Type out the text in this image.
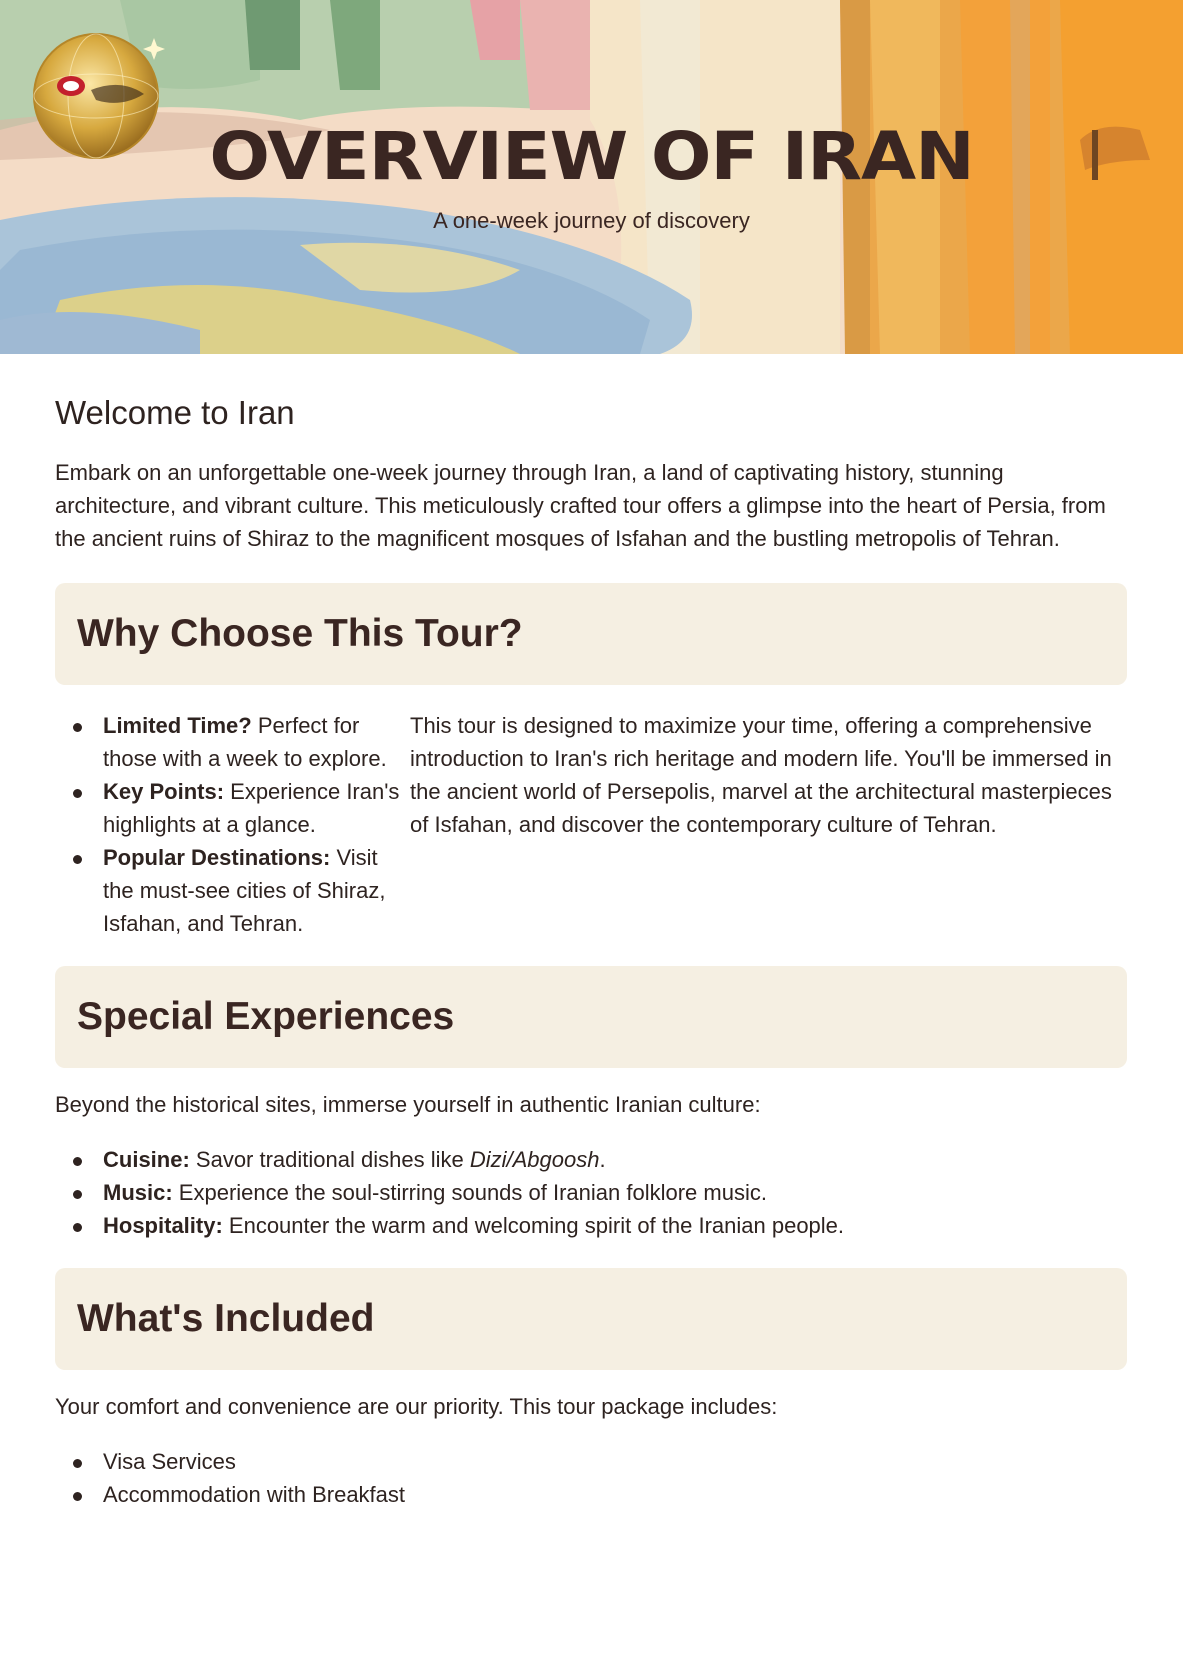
OVERVIEW OF IRAN

A one-week journey of discovery

Welcome to Iran

Embark on an unforgettable one-week journey through Iran, a land of captivating history, stunning architecture, and vibrant culture. This meticulously crafted tour offers a glimpse into the heart of Persia, from the ancient ruins of Shiraz to the magnificent mosques of Isfahan and the bustling metropolis of Tehran.

Why Choose This Tour?
Limited Time? Perfect for those with a week to explore.
Key Points: Experience Iran's highlights at a glance.
Popular Destinations: Visit the must-see cities of Shiraz, Isfahan, and Tehran.

This tour is designed to maximize your time, offering a comprehensive introduction to Iran's rich heritage and modern life. You'll be immersed in the ancient world of Persepolis, marvel at the architectural masterpieces of Isfahan, and discover the contemporary culture of Tehran.

Special Experiences

Beyond the historical sites, immerse yourself in authentic Iranian culture:

Cuisine: Savor traditional dishes like Dizi/Abgoosh.
Music: Experience the soul-stirring sounds of Iranian folklore music.
Hospitality: Encounter the warm and welcoming spirit of the Iranian people.
What's Included

Your comfort and convenience are our priority. This tour package includes:

Visa Services
Accommodation with Breakfast
